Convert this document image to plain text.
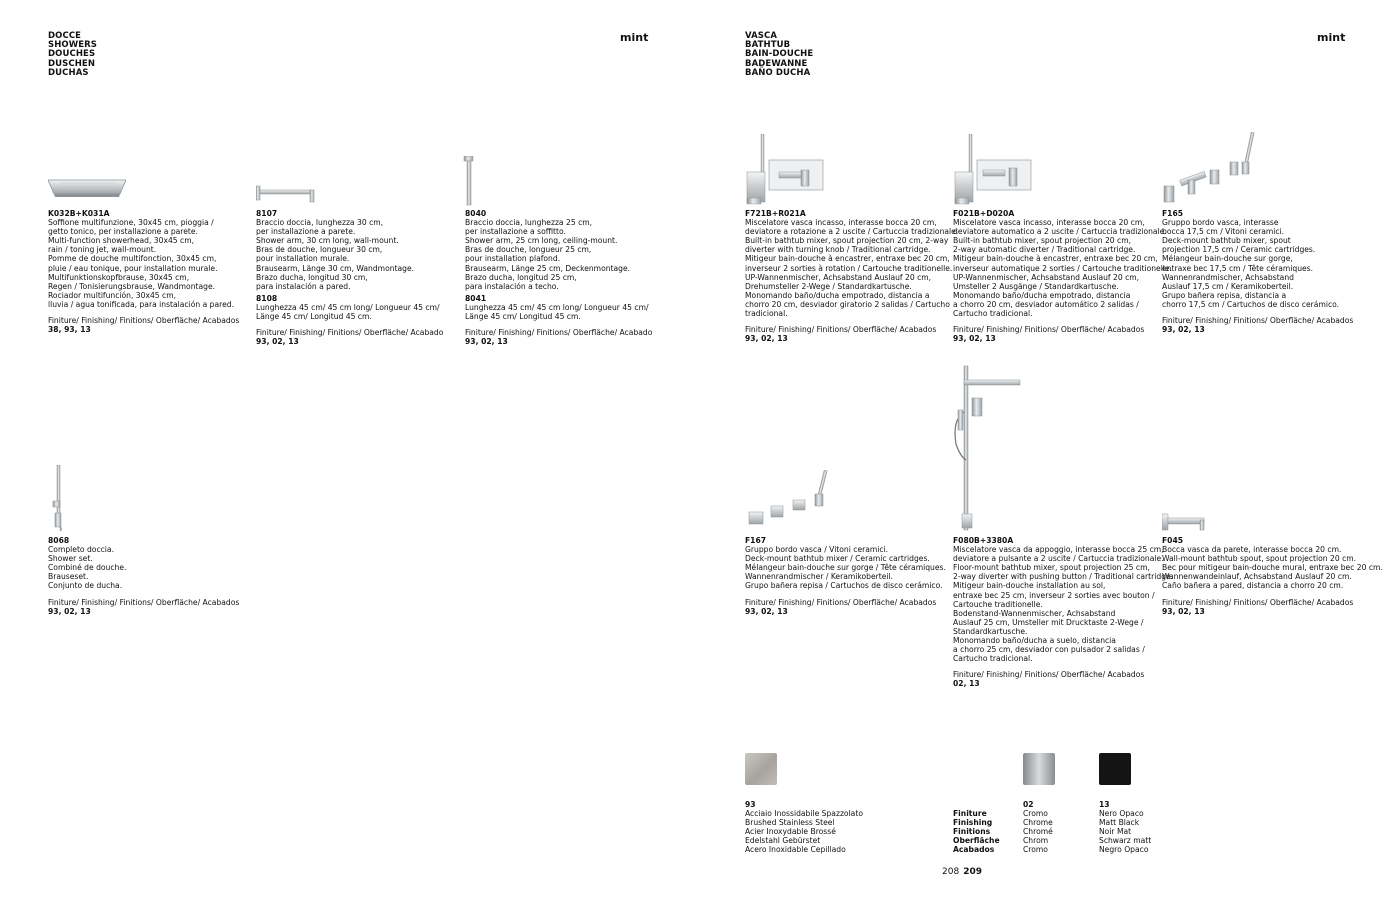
DOCCE
SHOWERS
DOUCHES
DUSCHEN
DUCHAS
mint
K032B+K031A
Soffione multifunzione, 30x45 cm, pioggia /
getto tonico, per installazione a parete.
Multi-function showerhead, 30x45 cm,
rain / toning jet, wall-mount.
Pomme de douche multifonction, 30x45 cm,
pluie / eau tonique, pour installation murale.
Multifunktionskopfbrause, 30x45 cm,
Regen / Tonisierungsbrause, Wandmontage.
Rociador multifunción, 30x45 cm,
lluvia / agua tonificada, para instalación a pared.
Finiture/ Finishing/ Finitions/ Oberfläche/ Acabados
38, 93, 13
8107
Braccio doccia, lunghezza 30 cm,
per installazione a parete.
Shower arm, 30 cm long, wall-mount.
Bras de douche, longueur 30 cm,
pour installation murale.
Brausearm, Länge 30 cm, Wandmontage.
Brazo ducha, longitud 30 cm,
para instalación a pared.
8108
Lunghezza 45 cm/ 45 cm long/ Longueur 45 cm/
Länge 45 cm/ Longitud 45 cm.
Finiture/ Finishing/ Finitions/ Oberfläche/ Acabado
93, 02, 13
8040
Braccio doccia, lunghezza 25 cm,
per installazione a soffitto.
Shower arm, 25 cm long, ceiling-mount.
Bras de douche, longueur 25 cm,
pour installation plafond.
Brausearm, Länge 25 cm, Deckenmontage.
Brazo ducha, longitud 25 cm,
para instalación a techo.
8041
Lunghezza 45 cm/ 45 cm long/ Longueur 45 cm/
Länge 45 cm/ Longitud 45 cm.
Finiture/ Finishing/ Finitions/ Oberfläche/ Acabado
93, 02, 13
8068
Completo doccia.
Shower set.
Combiné de douche.
Brauseset.
Conjunto de ducha.
Finiture/ Finishing/ Finitions/ Oberfläche/ Acabados
93, 02, 13
VASCA
BATHTUB
BAIN-DOUCHE
BADEWANNE
BAÑO DUCHA
mint
F721B+R021A
Miscelatore vasca incasso, interasse bocca 20 cm,
deviatore a rotazione a 2 uscite / Cartuccia tradizionale.
Built-in bathtub mixer, spout projection 20 cm, 2-way
diverter with turning knob / Traditional cartridge.
Mitigeur bain-douche à encastrer, entraxe bec 20 cm,
inverseur 2 sorties à rotation / Cartouche traditionelle.
UP-Wannenmischer, Achsabstand Auslauf 20 cm,
Drehumsteller 2-Wege / Standardkartusche.
Monomando baño/ducha empotrado, distancia a
chorro 20 cm, desviador giratorio 2 salidas / Cartucho
tradicional.
Finiture/ Finishing/ Finitions/ Oberfläche/ Acabados
93, 02, 13
F021B+D020A
Miscelatore vasca incasso, interasse bocca 20 cm,
deviatore automatico a 2 uscite / Cartuccia tradizionale.
Built-in bathtub mixer, spout projection 20 cm,
2-way automatic diverter / Traditional cartridge.
Mitigeur bain-douche à encastrer, entraxe bec 20 cm,
inverseur automatique 2 sorties / Cartouche traditionelle.
UP-Wannenmischer, Achsabstand Auslauf 20 cm,
Umsteller 2 Ausgänge / Standardkartusche.
Monomando baño/ducha empotrado, distancia
a chorro 20 cm, desviador automático 2 salidas /
Cartucho tradicional.
Finiture/ Finishing/ Finitions/ Oberfläche/ Acabados
93, 02, 13
F165
Gruppo bordo vasca, interasse
bocca 17,5 cm / Vitoni ceramici.
Deck-mount bathtub mixer, spout
projection 17,5 cm / Ceramic cartridges.
Mélangeur bain-douche sur gorge,
entraxe bec 17,5 cm / Tête céramiques.
Wannenrandmischer, Achsabstand
Auslauf 17,5 cm / Keramikoberteil.
Grupo bañera repisa, distancia a
chorro 17,5 cm / Cartuchos de disco cerámico.
Finiture/ Finishing/ Finitions/ Oberfläche/ Acabados
93, 02, 13
F167
Gruppo bordo vasca / Vitoni ceramici.
Deck-mount bathtub mixer / Ceramic cartridges.
Mélangeur bain-douche sur gorge / Tête céramiques.
Wannenrandmischer / Keramikoberteil.
Grupo bañera repisa / Cartuchos de disco cerámico.
Finiture/ Finishing/ Finitions/ Oberfläche/ Acabados
93, 02, 13
F080B+3380A
Miscelatore vasca da appoggio, interasse bocca 25 cm,
deviatore a pulsante a 2 uscite / Cartuccia tradizionale.
Floor-mount bathtub mixer, spout projection 25 cm,
2-way diverter with pushing button / Traditional cartridge.
Mitigeur bain-douche installation au sol,
entraxe bec 25 cm, inverseur 2 sorties avec bouton /
Cartouche traditionelle.
Bodenstand-Wannenmischer, Achsabstand
Auslauf 25 cm, Umsteller mit Drucktaste 2-Wege /
Standardkartusche.
Monomando baño/ducha a suelo, distancia
a chorro 25 cm, desviador con pulsador 2 salidas /
Cartucho tradicional.
Finiture/ Finishing/ Finitions/ Oberfläche/ Acabados
02, 13
F045
Bocca vasca da parete, interasse bocca 20 cm.
Wall-mount bathtub spout, spout projection 20 cm.
Bec pour mitigeur bain-douche mural, entraxe bec 20 cm.
Wannenwandeinlauf, Achsabstand Auslauf 20 cm.
Caño bañera a pared, distancia a chorro 20 cm.
Finiture/ Finishing/ Finitions/ Oberfläche/ Acabados
93, 02, 13
93
Acciaio Inossidabile Spazzolato
Brushed Stainless Steel
Acier Inoxydable Brossé
Edelstahl Gebürstet
Acero Inoxidable Cepillado
Finiture
Finishing
Finitions
Oberfläche
Acabados
02
Cromo
Chrome
Chromé
Chrom
Cromo
13
Nero Opaco
Matt Black
Noir Mat
Schwarz matt
Negro Opaco
208 209
